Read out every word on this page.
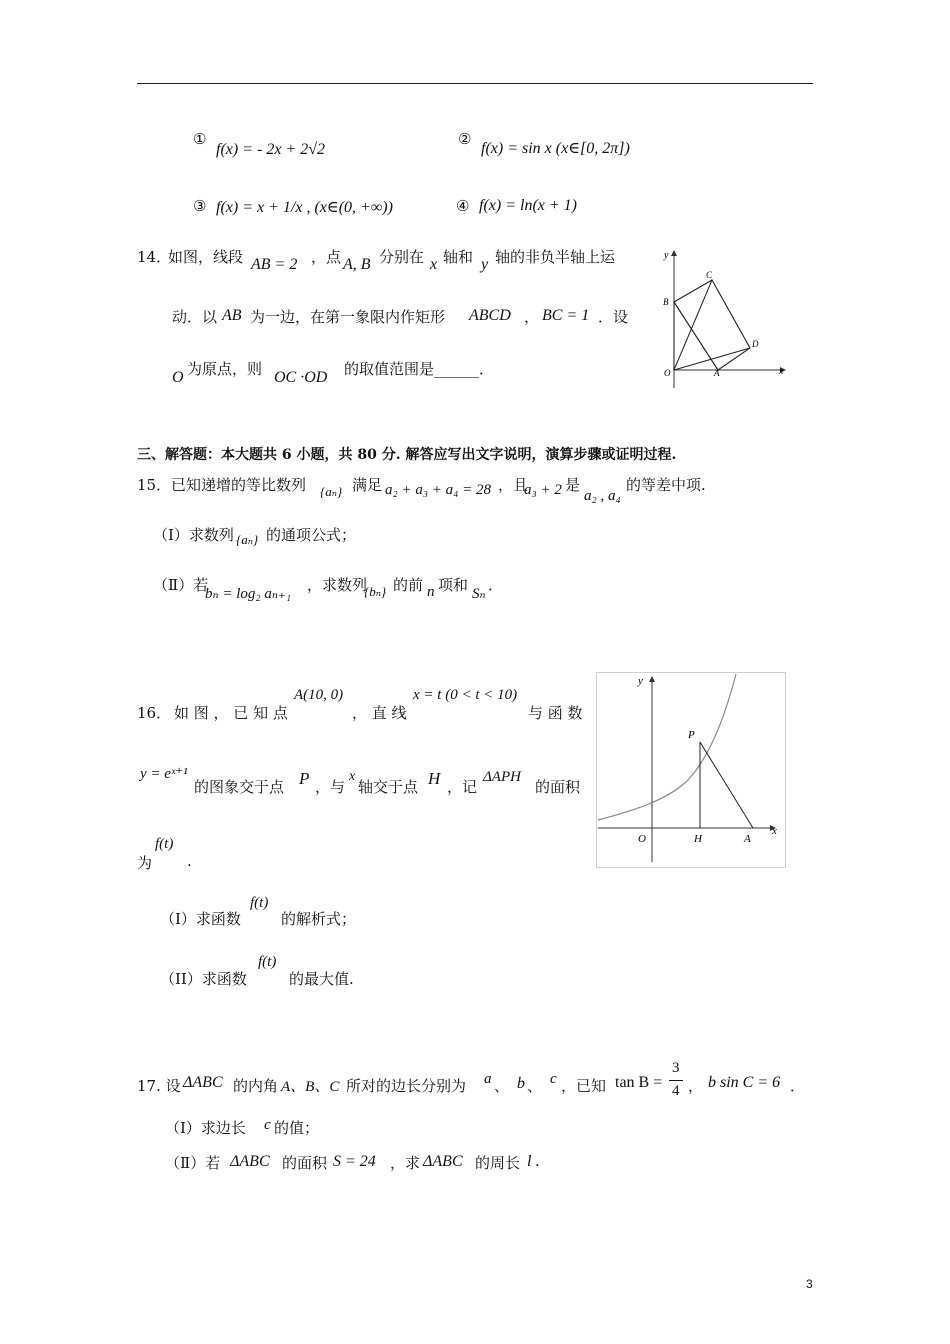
①
f(x) = - 2x + 2√2
②
f(x) = sin x (x∈[0, 2π])
③ f(x) = x + 1/x , (x∈(0, +∞))	④ f(x) = ln(x + 1)
14．
如图，线段 AB = 2 ，点 A, B 分别在 x 轴和 y 轴的非负半轴上运
动．以 AB 为一边，在第一象限内作矩形 ABCD ， BC = 1 ．设
O 为原点，则 OC ·OD 的取值范围是______．
y
x
O	A
B
C
D
三、解答题：本大题共 6 小题，共 80 分. 解答应写出文字说明，演算步骤或证明过程.
15． 已知递增的等比数列 {aₙ} 满足 a₂ + a₃ + a₄ = 28 ，且
a₃ + 2 是
a₂ , a₄
的等差中项.
（Ⅰ）求数列 {aₙ} 的通项公式；
（Ⅱ）若
bₙ = log₂ aₙ₊₁ ，求数列
{bₙ} 的前 n 项和 Sₙ ．
16． 如 图 ， 已 知 点
A(10, 0)
， 直 线
x = t (0 < t < 10)
与 函 数
y = eˣ⁺¹
的图象交于点 P ，与
x
轴交于点 H ，记
ΔAPH
的面积
为
f(t)
.
（I）求函数
f(t)
的解析式；
（II）求函数
f(t)
的最大值.
y
x
O
P
H	A
17. 设 ΔABC 的内角 A、B、C 所对的边长分别为 a 、 b 、 c ，已知 tan B =
3
4 ， b sin C = 6 ．
（Ⅰ）求边长 c 的值；
（Ⅱ）若 ΔABC 的面积 S = 24 ，求 ΔABC 的周长 l .
3
